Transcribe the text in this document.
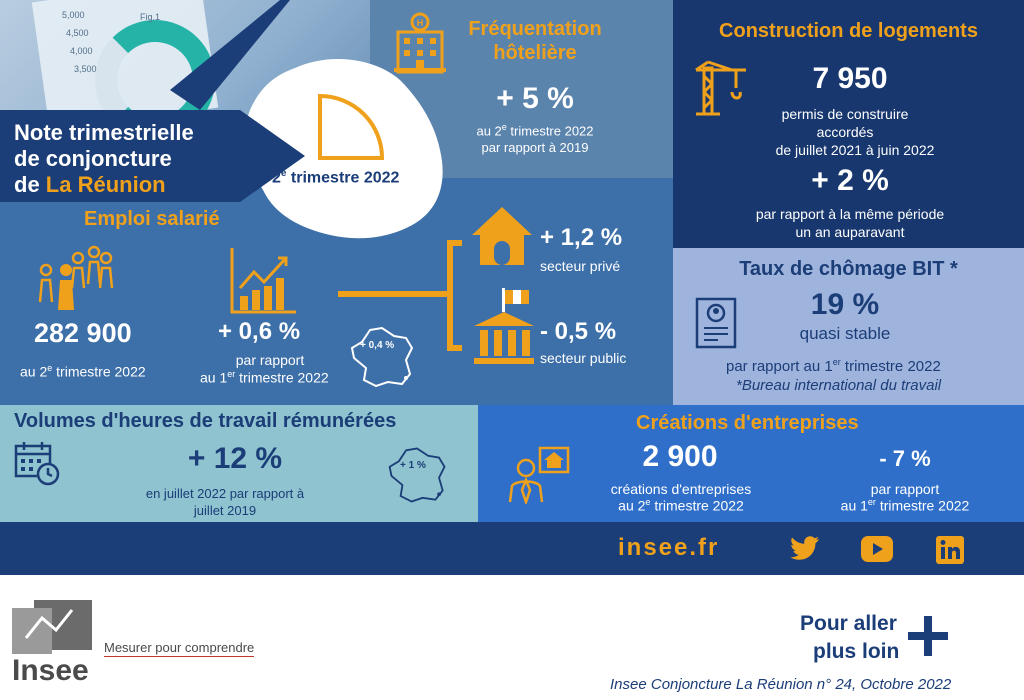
5,000
4,500
4,000
3,500
Fig.1
Note trimestrielle
de conjoncture
de La Réunion	2e trimestre 2022
H	Fréquentation
hôtelière
+ 5 %
au 2e trimestre 2022
par rapport à 2019
Construction de logements
7 950
permis de construire
accordés
de juillet 2021 à juin 2022
+ 2 %
par rapport à la même période
un an auparavant
Emploi salarié
282 900
au 2e trimestre 2022
+ 0,6 %
par rapport
au 1er trimestre 2022
+ 0,4 %
+ 1,2 %
secteur privé
- 0,5 %
secteur public
Taux de chômage BIT *
19 %
quasi stable
par rapport au 1er trimestre 2022
*Bureau international du travail
Volumes d'heures de travail rémunérées
+ 12 %
en juillet 2022 par rapport à
juillet 2019
+ 1 %
Créations d'entreprises
2 900
créations d'entreprises
au 2e trimestre 2022
- 7 %
par rapport
au 1er trimestre 2022
insee.fr
Insee
Mesurer pour comprendre
Pour aller
plus loin
Insee Conjoncture La Réunion n° 24, Octobre 2022
